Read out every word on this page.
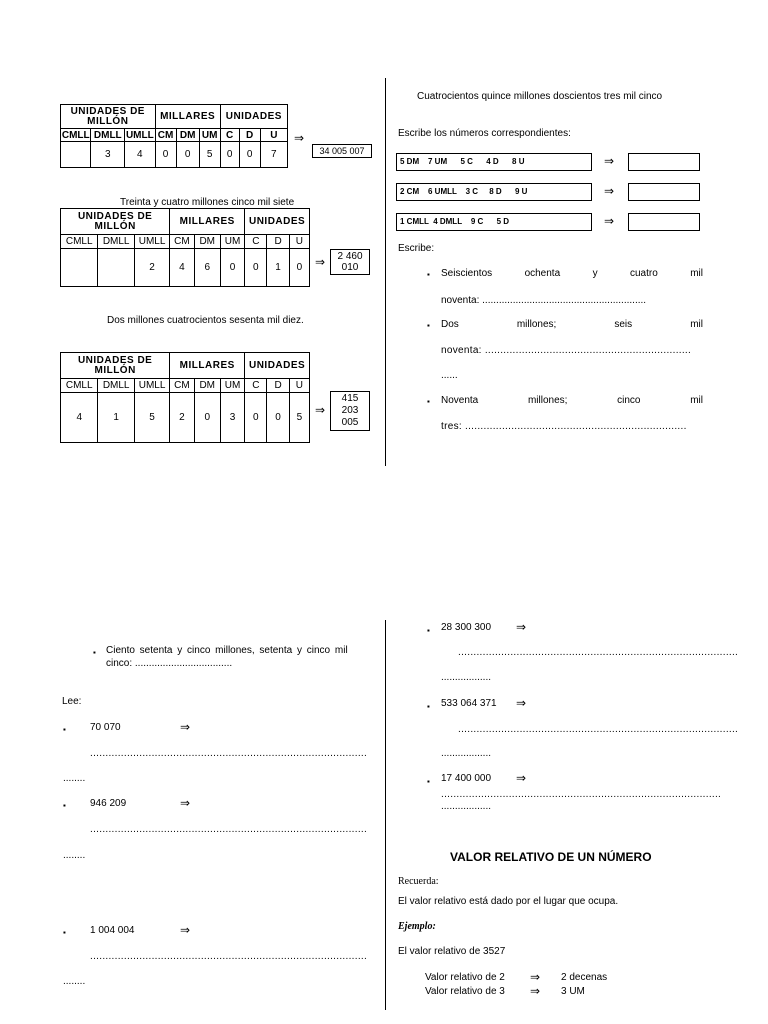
UNIDADES DE MILLÓN			MILLARES			UNIDADES		
CMLL	DMLL	UMLL	CM	DM	UM	C	D	U
	3	4	0	0	5	0	0	7
⇒
34 005 007
Treinta y cuatro millones cinco mil siete
UNIDADES DE MILLÓN			MILLARES			UNIDADES		
CMLL	DMLL	UMLL	CM	DM	UM	C	D	U
		2	4	6	0	0	1	0 ⇒	2 460
010
Dos millones cuatrocientos sesenta mil diez.
UNIDADES DE MILLÓN			MILLARES			UNIDADES		
CMLL	DMLL	UMLL	CM	DM	UM	C	D	U
4	1	5	2	0	3	0	0	5
⇒
415
203
005
Cuatrocientos quince millones doscientos tres mil cinco
Escribe los números correspondientes:
5 DM    7 UM      5 C      4 D      8 U	⇒
2 CM    6 UMLL    3 C     8 D      9 U	⇒
1 CMLL  4 DMLL    9 C      5 D	⇒
Escribe:
▪ Seiscientos	ochenta	y	cuatro	mil
noventa: ...........................................................
▪ Dos	millones;	seis	mil
noventa: ...................................................................
......
▪ Noventa	millones;	cinco	mil
tres: ........................................................................
▪ Ciento setenta y cinco millones, setenta y cinco mil
cinco: ...................................
Lee:
▪ 70 070	⇒
..........................................................................................
........
▪ 946 209	⇒
..........................................................................................
........
▪ 1 004 004	⇒
..........................................................................................
........
▪ 28 300 300 ⇒
...........................................................................................
..................
▪ 533 064 371 ⇒
...........................................................................................
..................
▪ 17 400 000 ⇒
...........................................................................................
..................
VALOR RELATIVO DE UN NÚMERO
Recuerda:
El valor relativo está dado por el lugar que ocupa.
Ejemplo:
El valor relativo de 3527
Valor relativo de 2 ⇒ 2 decenas
Valor relativo de 3 ⇒ 3 UM
